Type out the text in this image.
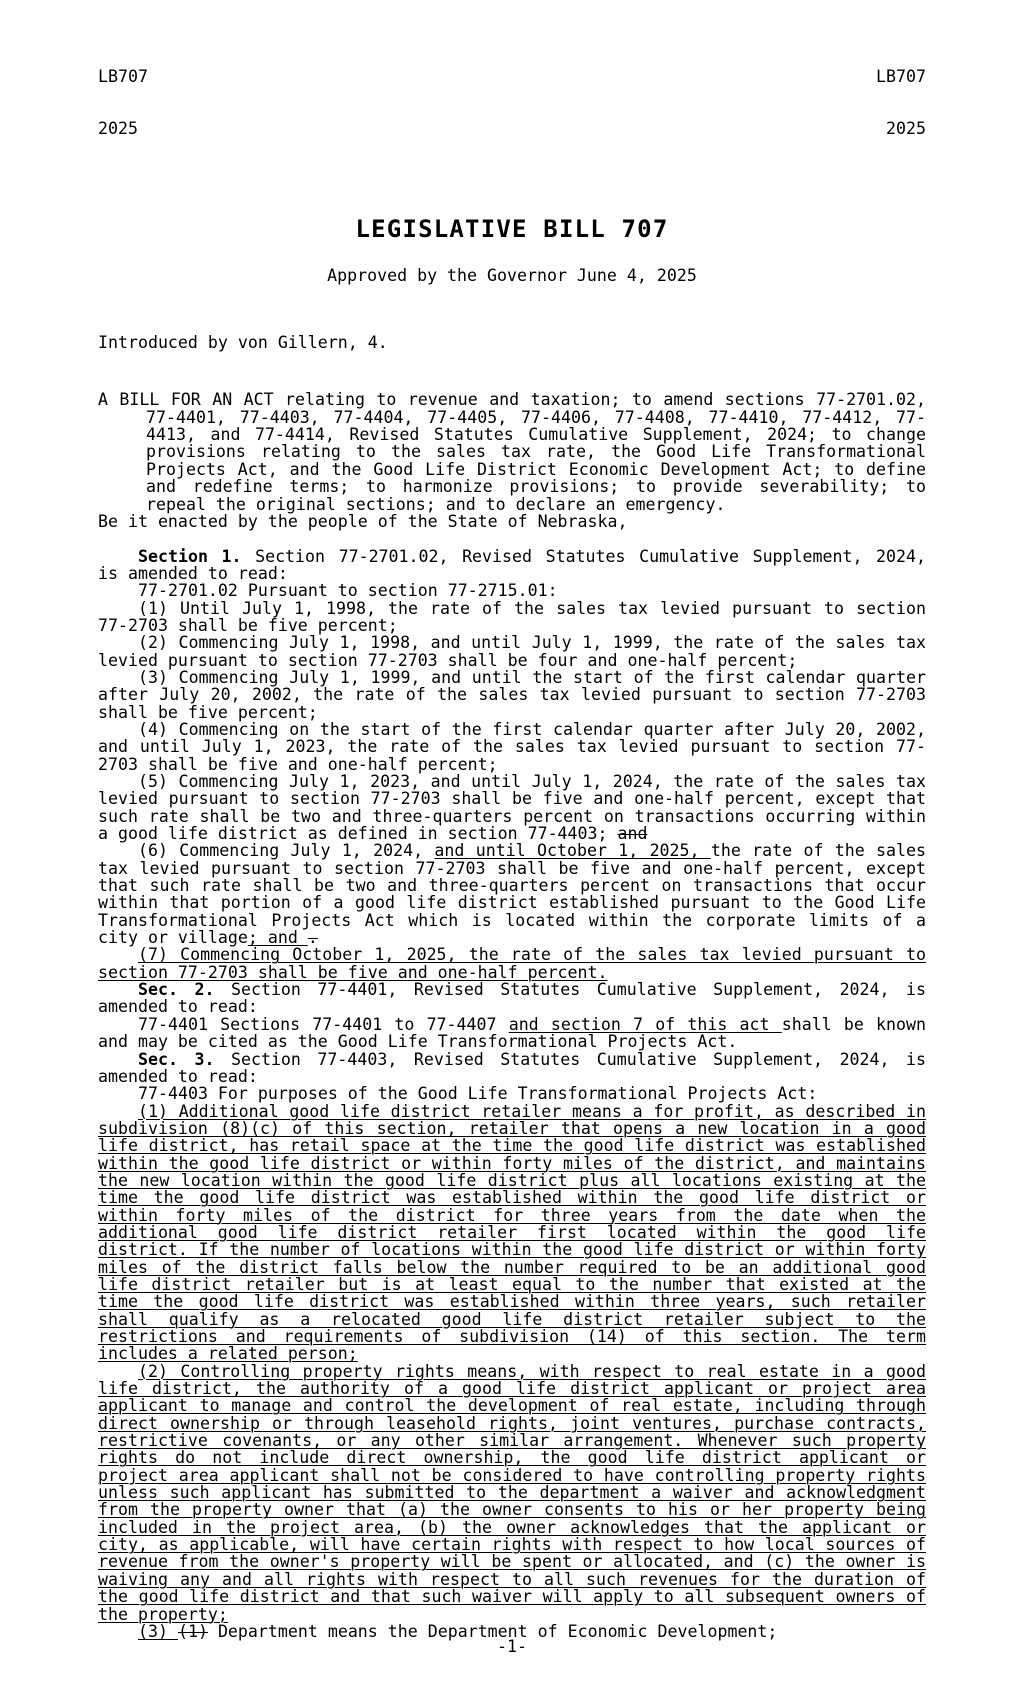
LB707

2025

LB707

2025

LEGISLATIVE BILL 707
Approved by the Governor June 4, 2025
Introduced by von Gillern, 4.
A BILL FOR AN ACT relating to revenue and taxation; to amend sections 77-2701.02, 77-4401, 77-4403, 77-4404, 77-4405, 77-4406, 77-4408, 77-4410, 77-4412, 77-4413, and 77-4414, Revised Statutes Cumulative Supplement, 2024; to change provisions relating to the sales tax rate, the Good Life Transformational Projects Act, and the Good Life District Economic Development Act; to define and redefine terms; to harmonize provisions; to provide severability; to repeal the original sections; and to declare an emergency.
Be it enacted by the people of the State of Nebraska,

Section 1. Section 77-2701.02, Revised Statutes Cumulative Supplement, 2024, is amended to read:

77-2701.02 Pursuant to section 77-2715.01:

(1) Until July 1, 1998, the rate of the sales tax levied pursuant to section 77-2703 shall be five percent;

(2) Commencing July 1, 1998, and until July 1, 1999, the rate of the sales tax levied pursuant to section 77-2703 shall be four and one-half percent;

(3) Commencing July 1, 1999, and until the start of the first calendar quarter after July 20, 2002, the rate of the sales tax levied pursuant to section 77-2703 shall be five percent;

(4) Commencing on the start of the first calendar quarter after July 20, 2002, and until July 1, 2023, the rate of the sales tax levied pursuant to section 77-2703 shall be five and one-half percent;

(5) Commencing July 1, 2023, and until July 1, 2024, the rate of the sales tax levied pursuant to section 77-2703 shall be five and one-half percent, except that such rate shall be two and three-quarters percent on transactions occurring within a good life district as defined in section 77-4403; and

(6) Commencing July 1, 2024, and until October 1, 2025, the rate of the sales tax levied pursuant to section 77-2703 shall be five and one-half percent, except that such rate shall be two and three-quarters percent on transactions that occur within that portion of a good life district established pursuant to the Good Life Transformational Projects Act which is located within the corporate limits of a city or village; and .

(7) Commencing October 1, 2025, the rate of the sales tax levied pursuant to section 77-2703 shall be five and one-half percent.

Sec. 2. Section 77-4401, Revised Statutes Cumulative Supplement, 2024, is amended to read:

77-4401 Sections 77-4401 to 77-4407 and section 7 of this act shall be known and may be cited as the Good Life Transformational Projects Act.

Sec. 3. Section 77-4403, Revised Statutes Cumulative Supplement, 2024, is amended to read:

77-4403 For purposes of the Good Life Transformational Projects Act:

(1) Additional good life district retailer means a for profit, as described in subdivision (8)(c) of this section, retailer that opens a new location in a good life district, has retail space at the time the good life district was established within the good life district or within forty miles of the district, and maintains the new location within the good life district plus all locations existing at the time the good life district was established within the good life district or within forty miles of the district for three years from the date when the additional good life district retailer first located within the good life district. If the number of locations within the good life district or within forty miles of the district falls below the number required to be an additional good life district retailer but is at least equal to the number that existed at the time the good life district was established within three years, such retailer shall qualify as a relocated good life district retailer subject to the restrictions and requirements of subdivision (14) of this section. The term includes a related person;

(2) Controlling property rights means, with respect to real estate in a good life district, the authority of a good life district applicant or project area applicant to manage and control the development of real estate, including through direct ownership or through leasehold rights, joint ventures, purchase contracts, restrictive covenants, or any other similar arrangement. Whenever such property rights do not include direct ownership, the good life district applicant or project area applicant shall not be considered to have controlling property rights unless such applicant has submitted to the department a waiver and acknowledgment from the property owner that (a) the owner consents to his or her property being included in the project area, (b) the owner acknowledges that the applicant or city, as applicable, will have certain rights with respect to how local sources of revenue from the owner's property will be spent or allocated, and (c) the owner is waiving any and all rights with respect to all such revenues for the duration of the good life district and that such waiver will apply to all subsequent owners of the property;

(3) (1) Department means the Department of Economic Development;

-1-
